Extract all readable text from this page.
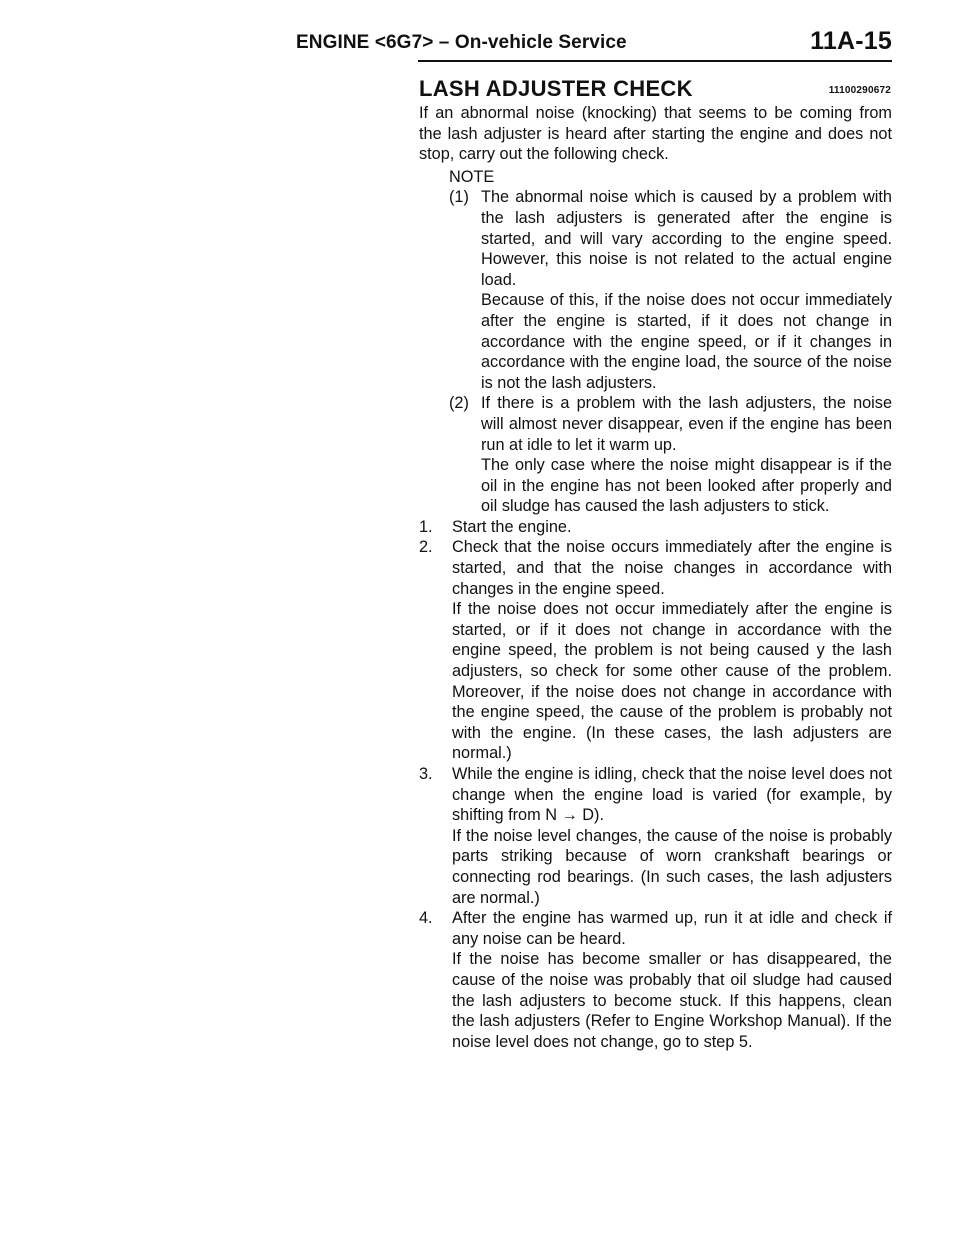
ENGINE <6G7> – On-vehicle Service	11A-15
LASH ADJUSTER CHECK	11100290672

If an abnormal noise (knocking) that seems to be coming from the lash adjuster is heard after starting the engine and does not stop, carry out the following check.

NOTE

(1) The abnormal noise which is caused by a problem with the lash adjusters is generated after the engine is started, and will vary according to the engine speed. However, this noise is not related to the actual engine load.

Because of this, if the noise does not occur immediately after the engine is started, if it does not change in accordance with the engine speed, or if it changes in accordance with the engine load, the source of the noise is not the lash adjusters.

(2) If there is a problem with the lash adjusters, the noise will almost never disappear, even if the engine has been run at idle to let it warm up.

The only case where the noise might disappear is if the oil in the engine has not been looked after properly and oil sludge has caused the lash adjusters to stick.

1. Start the engine.

2. Check that the noise occurs immediately after the engine is started, and that the noise changes in accordance with changes in the engine speed.

If the noise does not occur immediately after the engine is started, or if it does not change in accordance with the engine speed, the problem is not being caused y the lash adjusters, so check for some other cause of the problem. Moreover, if the noise does not change in accordance with the engine speed, the cause of the problem is probably not with the engine. (In these cases, the lash adjusters are normal.)

3. While the engine is idling, check that the noise level does not change when the engine load is varied (for example, by shifting from N → D).

If the noise level changes, the cause of the noise is probably parts striking because of worn crankshaft bearings or connecting rod bearings. (In such cases, the lash adjusters are normal.)

4. After the engine has warmed up, run it at idle and check if any noise can be heard.

If the noise has become smaller or has disappeared, the cause of the noise was probably that oil sludge had caused the lash adjusters to become stuck. If this happens, clean the lash adjusters (Refer to Engine Workshop Manual). If the noise level does not change, go to step 5.
